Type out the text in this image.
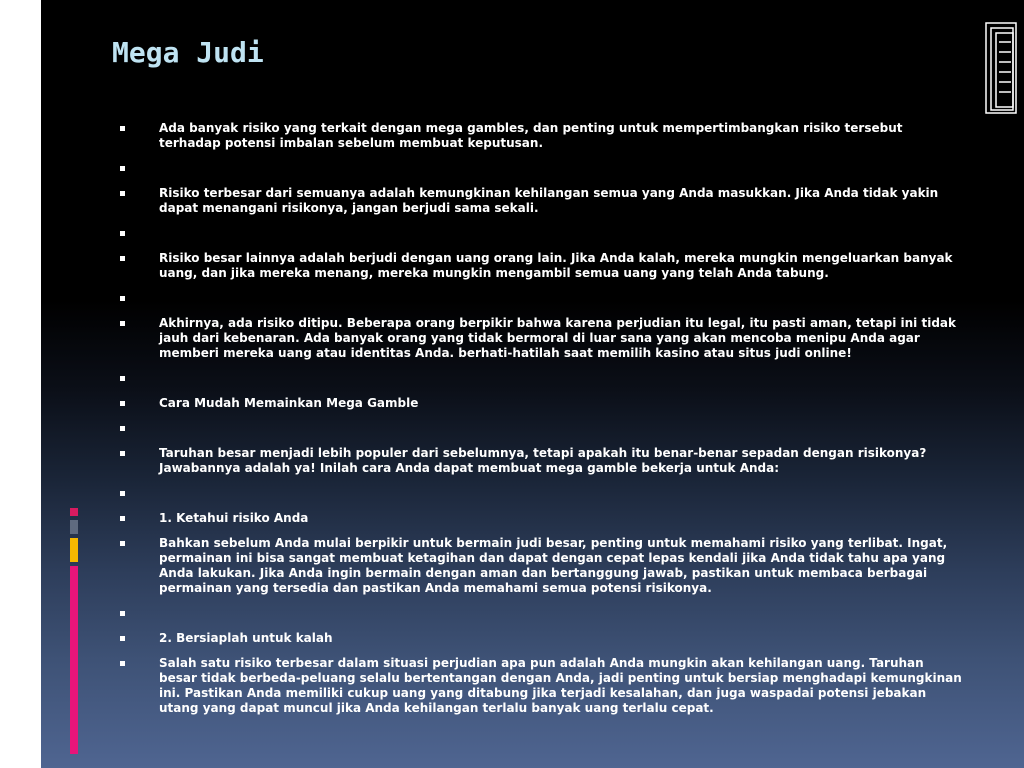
Mega Judi
Ada banyak risiko yang terkait dengan mega gambles, dan penting untuk mempertimbangkan risiko tersebut terhadap potensi imbalan sebelum membuat keputusan.
Risiko terbesar dari semuanya adalah kemungkinan kehilangan semua yang Anda masukkan. Jika Anda tidak yakin dapat menangani risikonya, jangan berjudi sama sekali.
Risiko besar lainnya adalah berjudi dengan uang orang lain. Jika Anda kalah, mereka mungkin mengeluarkan banyak uang, dan jika mereka menang, mereka mungkin mengambil semua uang yang telah Anda tabung.
Akhirnya, ada risiko ditipu. Beberapa orang berpikir bahwa karena perjudian itu legal, itu pasti aman, tetapi ini tidak jauh dari kebenaran. Ada banyak orang yang tidak bermoral di luar sana yang akan mencoba menipu Anda agar memberi mereka uang atau identitas Anda. berhati-hatilah saat memilih kasino atau situs judi online!
Cara Mudah Memainkan Mega Gamble
Taruhan besar menjadi lebih populer dari sebelumnya, tetapi apakah itu benar-benar sepadan dengan risikonya? Jawabannya adalah ya! Inilah cara Anda dapat membuat mega gamble bekerja untuk Anda:
1. Ketahui risiko Anda
Bahkan sebelum Anda mulai berpikir untuk bermain judi besar, penting untuk memahami risiko yang terlibat. Ingat, permainan ini bisa sangat membuat ketagihan dan dapat dengan cepat lepas kendali jika Anda tidak tahu apa yang Anda lakukan. Jika Anda ingin bermain dengan aman dan bertanggung jawab, pastikan untuk membaca berbagai permainan yang tersedia dan pastikan Anda memahami semua potensi risikonya.
2. Bersiaplah untuk kalah
Salah satu risiko terbesar dalam situasi perjudian apa pun adalah Anda mungkin akan kehilangan uang. Taruhan besar tidak berbeda-peluang selalu bertentangan dengan Anda, jadi penting untuk bersiap menghadapi kemungkinan ini. Pastikan Anda memiliki cukup uang yang ditabung jika terjadi kesalahan, dan juga waspadai potensi jebakan utang yang dapat muncul jika Anda kehilangan terlalu banyak uang terlalu cepat.
